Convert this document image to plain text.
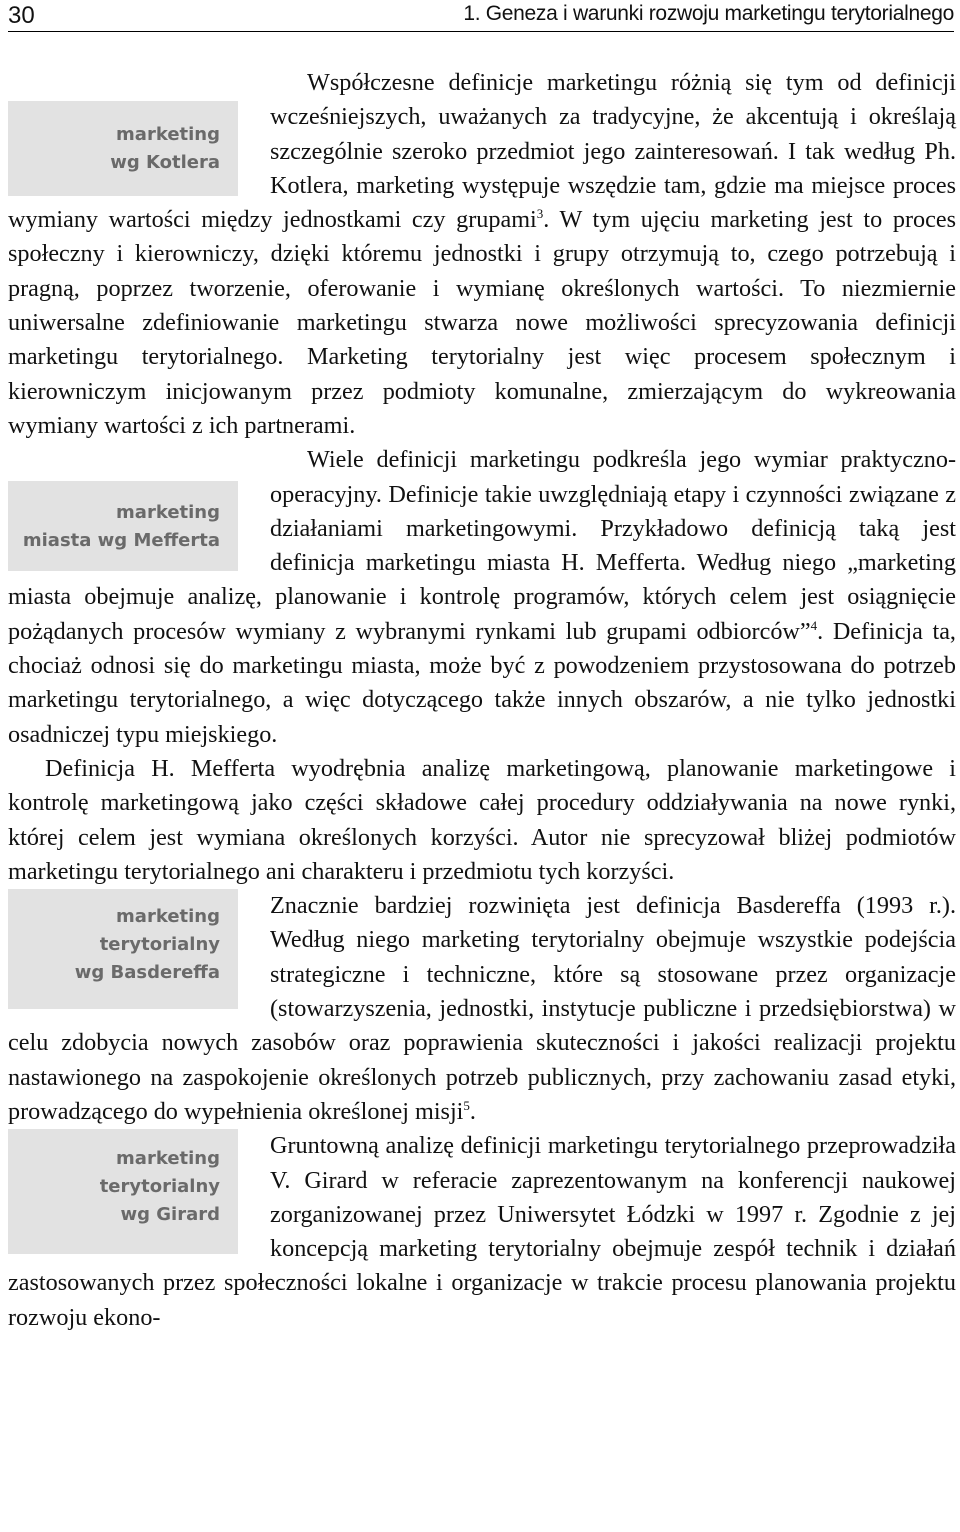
30	1. Geneza i warunki rozwoju marketingu terytorialnego
marketing
wg Kotlera

Współczesne definicje marketingu różnią się tym od definicji wcześniejszych, uważanych za tradycyjne, że akcentują i określają szczególnie szeroko przedmiot jego zainteresowań. I tak według Ph. Kotlera, marketing występuje wszędzie tam, gdzie ma miejsce proces wymiany wartości między jednostkami czy grupami$^3$. W tym ujęciu marketing jest to proces społeczny i kierowniczy, dzięki któremu jednostki i grupy otrzymują to, czego potrzebują i pragną, poprzez tworzenie, oferowanie i wymianę określonych wartości. To niezmiernie uniwersalne zdefiniowanie marketingu stwarza nowe możliwości sprecyzowania definicji marketingu terytorialnego. Marketing terytorialny jest więc procesem społecznym i kierowniczym inicjowanym przez podmioty komunalne, zmierzającym do wykreowania wymiany wartości z ich partnerami.

marketing
miasta wg Mefferta

Wiele definicji marketingu podkreśla jego wymiar praktyczno-operacyjny. Definicje takie uwzględniają etapy i czynności związane z działaniami marketingowymi. Przykładowo definicją taką jest definicja marketingu miasta H. Mefferta. Według niego „marketing miasta obejmuje analizę, planowanie i kontrolę programów, których celem jest osiągnięcie pożądanych procesów wymiany z wybranymi rynkami lub grupami odbiorców”$^4$. Definicja ta, chociaż odnosi się do marketingu miasta, może być z powodzeniem przystosowana do potrzeb marketingu terytorialnego, a więc dotyczącego także innych obszarów, a nie tylko jednostki osadniczej typu miejskiego.

Definicja H. Mefferta wyodrębnia analizę marketingową, planowanie marketingowe i kontrolę marketingową jako części składowe całej procedury oddziaływania na nowe rynki, której celem jest wymiana określonych korzyści. Autor nie sprecyzował bliżej podmiotów marketingu terytorialnego ani charakteru i przedmiotu tych korzyści.

marketing
terytorialny
wg Basdereffa

Znacznie bardziej rozwinięta jest definicja Basdereffa (1993 r.). Według niego marketing terytorialny obejmuje wszystkie podejścia strategiczne i techniczne, które są stosowane przez organizacje (stowarzyszenia, jednostki, instytucje publiczne i przedsiębiorstwa) w celu zdobycia nowych zasobów oraz poprawienia skuteczności i jakości realizacji projektu nastawionego na zaspokojenie określonych potrzeb publicznych, przy zachowaniu zasad etyki, prowadzącego do wypełnienia określonej misji$^5$.

marketing
terytorialny
wg Girard

Gruntowną analizę definicji marketingu terytorialnego przeprowadziła V. Girard w referacie zaprezentowanym na konferencji naukowej zorganizowanej przez Uniwersytet Łódzki w 1997 r. Zgodnie z jej koncepcją marketing terytorialny obejmuje zespół technik i działań zastosowanych przez społeczności lokalne i organizacje w trakcie procesu planowania projektu rozwoju ekono-
